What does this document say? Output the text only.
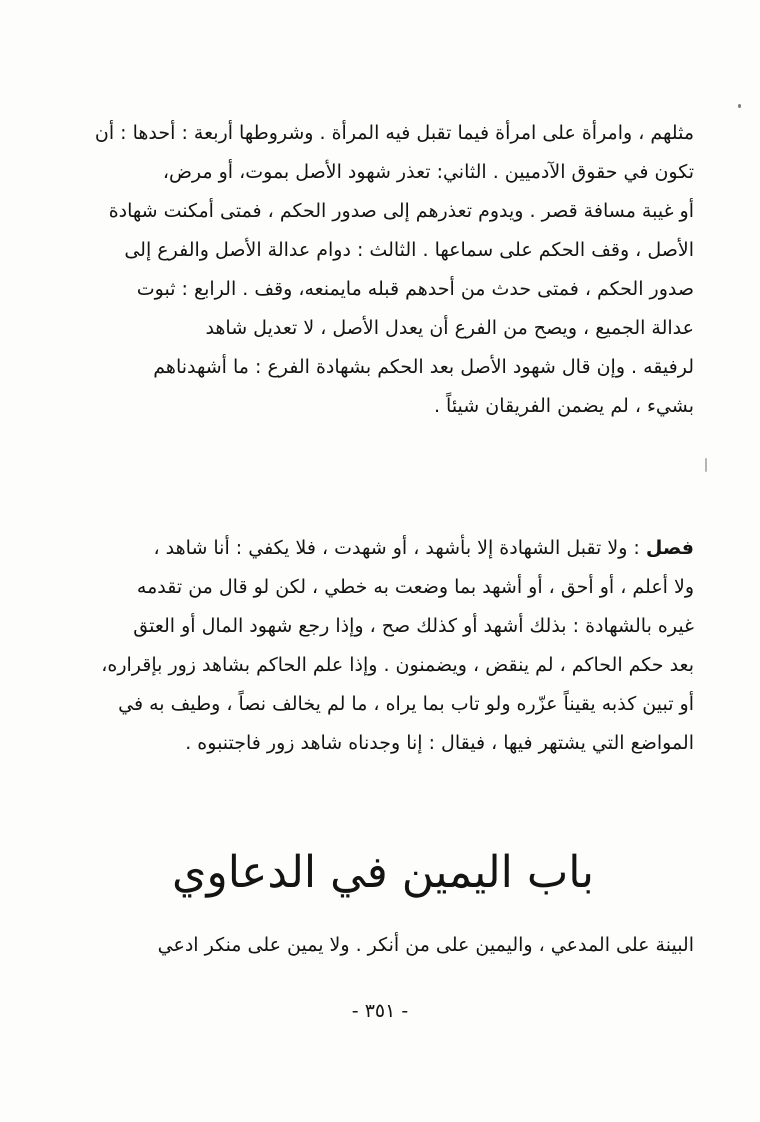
مثلهم ، وامرأة على امرأة فيما تقبل فيه المرأة . وشروطها أربعة : أحدها : أن
تكون في حقوق الآدميين . الثاني: تعذر شهود الأصل بموت، أو مرض،
أو غيبة مسافة قصر . ويدوم تعذرهم إلى صدور الحكم ، فمتى أمكنت شهادة
الأصل ، وقف الحكم على سماعها . الثالث : دوام عدالة الأصل والفرع إلى
صدور الحكم ، فمتى حدث من أحدهم قبله مايمنعه، وقف . الرابع : ثبوت
عدالة الجميع ، ويصح من الفرع أن يعدل الأصل ، لا تعديل شاهد
لرفيقه . وإن قال شهود الأصل بعد الحكم بشهادة الفرع : ما أشهدناهم
بشيء ، لم يضمن الفريقان شيئاً .
فصل : ولا تقبل الشهادة إلا بأشهد ، أو شهدت ، فلا يكفي : أنا شاهد ،
ولا أعلم ، أو أحق ، أو أشهد بما وضعت به خطي ، لكن لو قال من تقدمه
غيره بالشهادة : بذلك أشهد أو كذلك صح ، وإذا رجع شهود المال أو العتق
بعد حكم الحاكم ، لم ينقض ، ويضمنون . وإذا علم الحاكم بشاهد زور بإقراره،
أو تبين كذبه يقيناً عزّره ولو تاب بما يراه ، ما لم يخالف نصاً ، وطيف به في
المواضع التي يشتهر فيها ، فيقال : إنا وجدناه شاهد زور فاجتنبوه .
باب اليمين في الدعاوي
البينة على المدعي ، واليمين على من أنكر . ولا يمين على منكر ادعي
- ٣٥١ -
